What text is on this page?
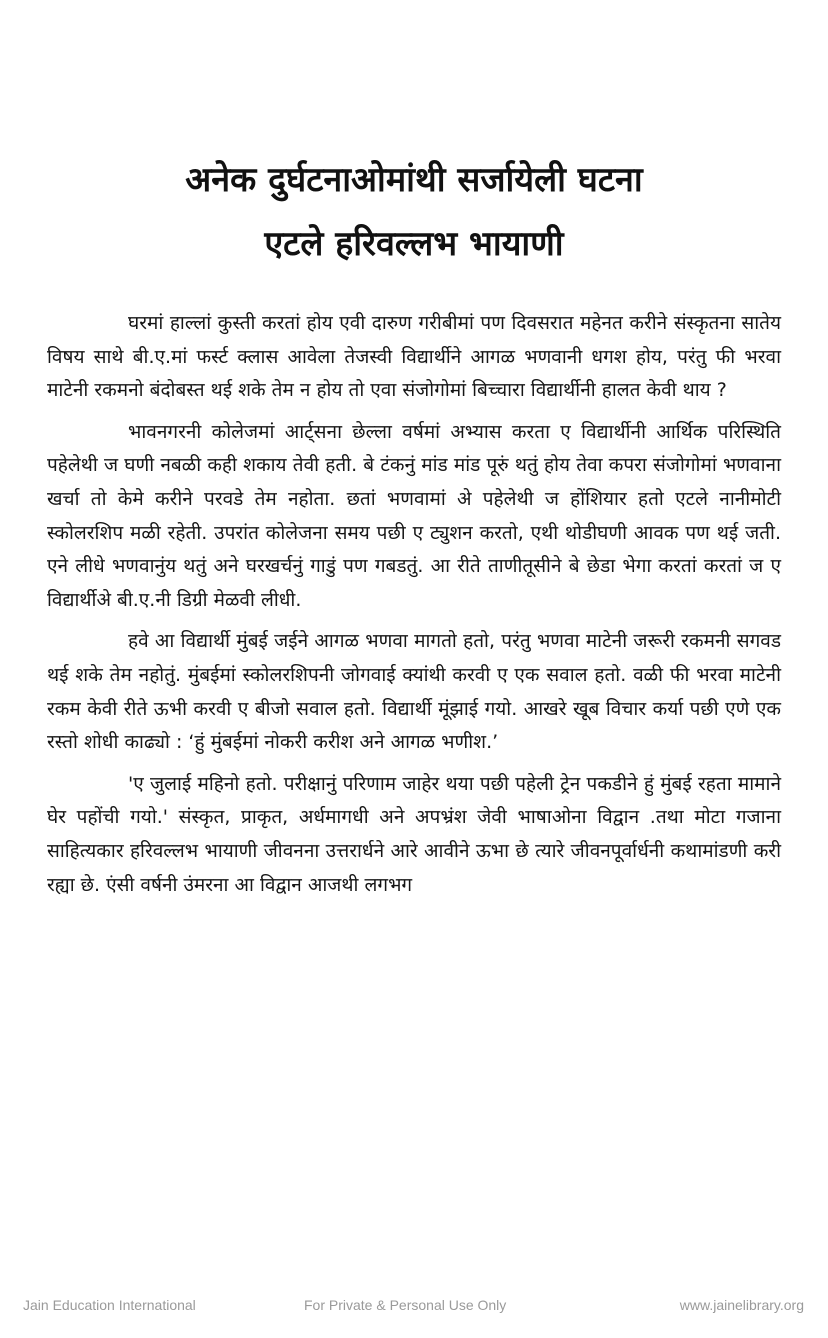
अनेक दुर्घटनाओमांथी सर्जायेली घटना
एटले हरिवल्लभ भायाणी

घरमां हाल्लां कुस्ती करतां होय एवी दारुण गरीबीमां पण दिवसरात महेनत करीने संस्कृतना सातेय विषय साथे बी.ए.मां फर्स्ट क्लास आवेला तेजस्वी विद्यार्थीने आगळ भणवानी धगश होय, परंतु फी भरवा माटेनी रकमनो बंदोबस्त थई शके तेम न होय तो एवा संजोगोमां बिच्चारा विद्यार्थीनी हालत केवी थाय ?

भावनगरनी कोलेजमां आर्ट्सना छेल्ला वर्षमां अभ्यास करता ए विद्यार्थीनी आर्थिक परिस्थिति पहेलेथी ज घणी नबळी कही शकाय तेवी हती. बे टंकनुं मांड मांड पूरुं थतुं होय तेवा कपरा संजोगोमां भणवाना खर्चा तो केमे करीने परवडे तेम नहोता. छतां भणवामां अे पहेलेथी ज होंशियार हतो एटले नानीमोटी स्कोलरशिप मळी रहेती. उपरांत कोलेजना समय पछी ए ट्युशन करतो, एथी थोडीघणी आवक पण थई जती. एने लीधे भणवानुंय थतुं अने घरखर्चनुं गाडुं पण गबडतुं. आ रीते ताणीतूसीने बे छेडा भेगा करतां करतां ज ए विद्यार्थीअे बी.ए.नी डिग्री मेळवी लीधी.

हवे आ विद्यार्थी मुंबई जईने आगळ भणवा मागतो हतो, परंतु भणवा माटेनी जरूरी रकमनी सगवड थई शके तेम नहोतुं. मुंबईमां स्कोलरशिपनी जोगवाई क्यांथी करवी ए एक सवाल हतो. वळी फी भरवा माटेनी रकम केवी रीते ऊभी करवी ए बीजो सवाल हतो. विद्यार्थी मूंझाई गयो. आखरे खूब विचार कर्या पछी एणे एक रस्तो शोधी काढ्यो : ‘हुं मुंबईमां नोकरी करीश अने आगळ भणीश.’

'ए जुलाई महिनो हतो. परीक्षानुं परिणाम जाहेर थया पछी पहेली ट्रेन पकडीने हुं मुंबई रहता मामाने घेर पहोंची गयो.' संस्कृत, प्राकृत, अर्धमागधी अने अपभ्रंश जेवी भाषाओना विद्वान .तथा मोटा गजाना साहित्यकार हरिवल्लभ भायाणी जीवनना उत्तरार्धने आरे आवीने ऊभा छे त्यारे जीवनपूर्वार्धनी कथामांडणी करी रह्या छे. एंसी वर्षनी उंमरना आ विद्वान आजथी लगभग

Jain Education International	For Private & Personal Use Only	www.jainelibrary.org
